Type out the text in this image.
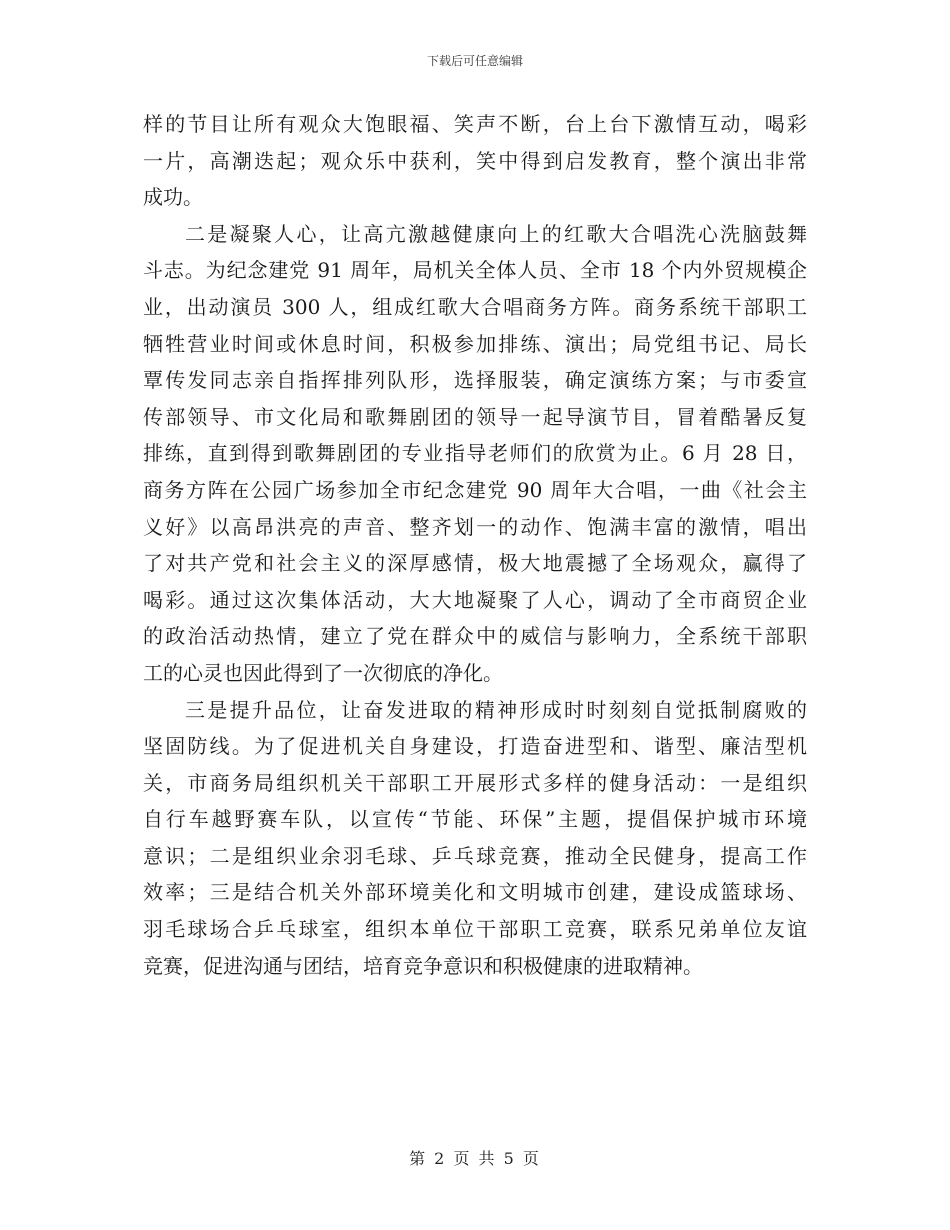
下载后可任意编辑
样的节目让所有观众大饱眼福、笑声不断，台上台下激情互动，喝彩
一片，高潮迭起；观众乐中获利，笑中得到启发教育，整个演出非常
成功。
二是凝聚人心，让高亢激越健康向上的红歌大合唱洗心洗脑鼓舞
斗志。为纪念建党 91 周年，局机关全体人员、全市 18 个内外贸规模企
业，出动演员 300 人，组成红歌大合唱商务方阵。商务系统干部职工
牺牲营业时间或休息时间，积极参加排练、演出；局党组书记、局长
覃传发同志亲自指挥排列队形，选择服装，确定演练方案；与市委宣
传部领导、市文化局和歌舞剧团的领导一起导演节目，冒着酷暑反复
排练，直到得到歌舞剧团的专业指导老师们的欣赏为止。6 月 28 日，
商务方阵在公园广场参加全市纪念建党 90 周年大合唱，一曲《社会主
义好》以高昂洪亮的声音、整齐划一的动作、饱满丰富的激情，唱出
了对共产党和社会主义的深厚感情，极大地震撼了全场观众，赢得了
喝彩。通过这次集体活动，大大地凝聚了人心，调动了全市商贸企业
的政治活动热情，建立了党在群众中的威信与影响力，全系统干部职
工的心灵也因此得到了一次彻底的净化。
三是提升品位，让奋发进取的精神形成时时刻刻自觉抵制腐败的
坚固防线。为了促进机关自身建设，打造奋进型和、谐型、廉洁型机
关，市商务局组织机关干部职工开展形式多样的健身活动：一是组织
自行车越野赛车队，以宣传“节能、环保”主题，提倡保护城市环境
意识；二是组织业余羽毛球、乒乓球竞赛，推动全民健身，提高工作
效率；三是结合机关外部环境美化和文明城市创建，建设成篮球场、
羽毛球场合乒乓球室，组织本单位干部职工竞赛，联系兄弟单位友谊
竞赛，促进沟通与团结，培育竞争意识和积极健康的进取精神。
第 2 页 共 5 页
